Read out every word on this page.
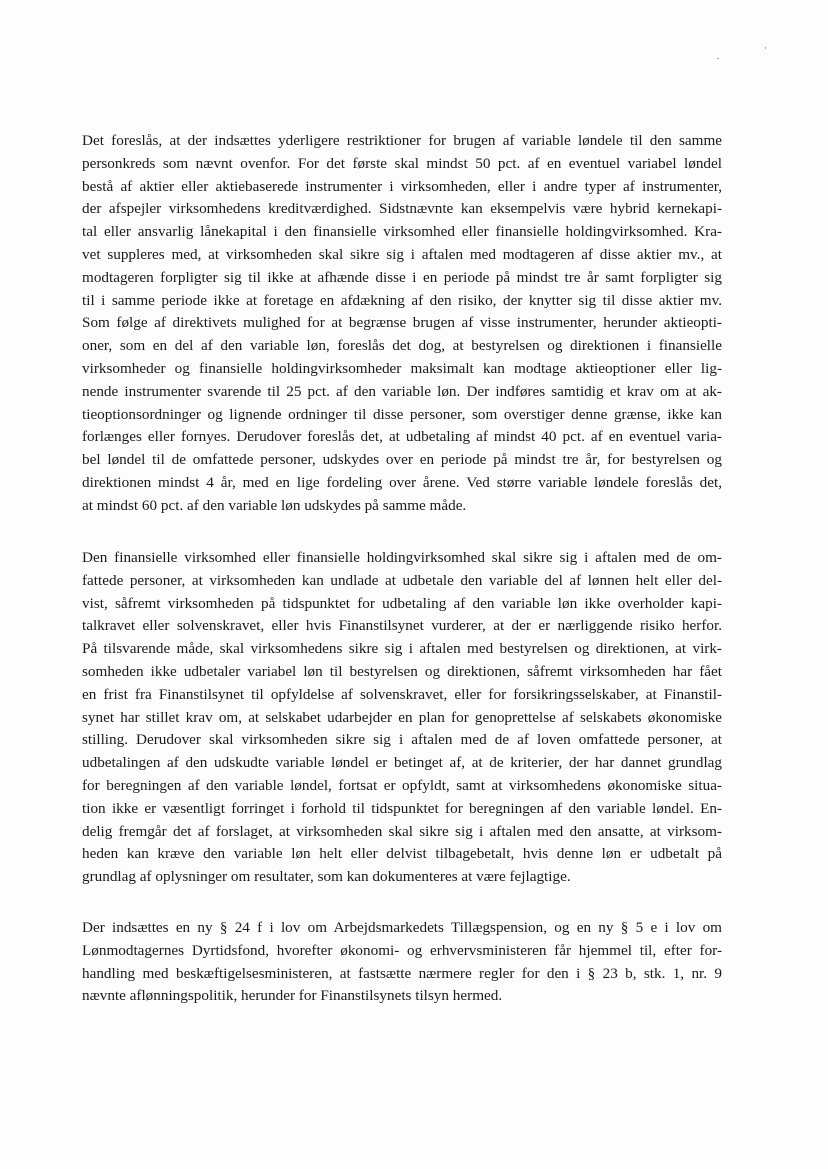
.
·
Det foreslås, at der indsættes yderligere restriktioner for brugen af variable løndele til den samme
personkreds som nævnt ovenfor. For det første skal mindst 50 pct. af en eventuel variabel løndel
bestå af aktier eller aktiebaserede instrumenter i virksomheden, eller i andre typer af instrumenter,
der afspejler virksomhedens kreditværdighed. Sidstnævnte kan eksempelvis være hybrid kernekapi-
tal eller ansvarlig lånekapital i den finansielle virksomhed eller finansielle holdingvirksomhed. Kra-
vet suppleres med, at virksomheden skal sikre sig i aftalen med modtageren af disse aktier mv., at
modtageren forpligter sig til ikke at afhænde disse i en periode på mindst tre år samt forpligter sig
til i samme periode ikke at foretage en afdækning af den risiko, der knytter sig til disse aktier mv.
Som følge af direktivets mulighed for at begrænse brugen af visse instrumenter, herunder aktieopti-
oner, som en del af den variable løn, foreslås det dog, at bestyrelsen og direktionen i finansielle
virksomheder og finansielle holdingvirksomheder maksimalt kan modtage aktieoptioner eller lig-
nende instrumenter svarende til 25 pct. af den variable løn. Der indføres samtidig et krav om at ak-
tieoptionsordninger og lignende ordninger til disse personer, som overstiger denne grænse, ikke kan
forlænges eller fornyes. Derudover foreslås det, at udbetaling af mindst 40 pct. af en eventuel varia-
bel løndel til de omfattede personer, udskydes over en periode på mindst tre år, for bestyrelsen og
direktionen mindst 4 år, med en lige fordeling over årene. Ved større variable løndele foreslås det,
at mindst 60 pct. af den variable løn udskydes på samme måde.
Den finansielle virksomhed eller finansielle holdingvirksomhed skal sikre sig i aftalen med de om-
fattede personer, at virksomheden kan undlade at udbetale den variable del af lønnen helt eller del-
vist, såfremt virksomheden på tidspunktet for udbetaling af den variable løn ikke overholder kapi-
talkravet eller solvenskravet, eller hvis Finanstilsynet vurderer, at der er nærliggende risiko herfor.
På tilsvarende måde, skal virksomhedens sikre sig i aftalen med bestyrelsen og direktionen, at virk-
somheden ikke udbetaler variabel løn til bestyrelsen og direktionen, såfremt virksomheden har fået
en frist fra Finanstilsynet til opfyldelse af solvenskravet, eller for forsikringsselskaber, at Finanstil-
synet har stillet krav om, at selskabet udarbejder en plan for genoprettelse af selskabets økonomiske
stilling. Derudover skal virksomheden sikre sig i aftalen med de af loven omfattede personer, at
udbetalingen af den udskudte variable løndel er betinget af, at de kriterier, der har dannet grundlag
for beregningen af den variable løndel, fortsat er opfyldt, samt at virksomhedens økonomiske situa-
tion ikke er væsentligt forringet i forhold til tidspunktet for beregningen af den variable løndel. En-
delig fremgår det af forslaget, at virksomheden skal sikre sig i aftalen med den ansatte, at virksom-
heden kan kræve den variable løn helt eller delvist tilbagebetalt, hvis denne løn er udbetalt på
grundlag af oplysninger om resultater, som kan dokumenteres at være fejlagtige.
Der indsættes en ny § 24 f i lov om Arbejdsmarkedets Tillægspension, og en ny § 5 e i lov om
Lønmodtagernes Dyrtidsfond, hvorefter økonomi- og erhvervsministeren får hjemmel til, efter for-
handling med beskæftigelsesministeren, at fastsætte nærmere regler for den i § 23 b, stk. 1, nr. 9
nævnte aflønningspolitik, herunder for Finanstilsynets tilsyn hermed.
